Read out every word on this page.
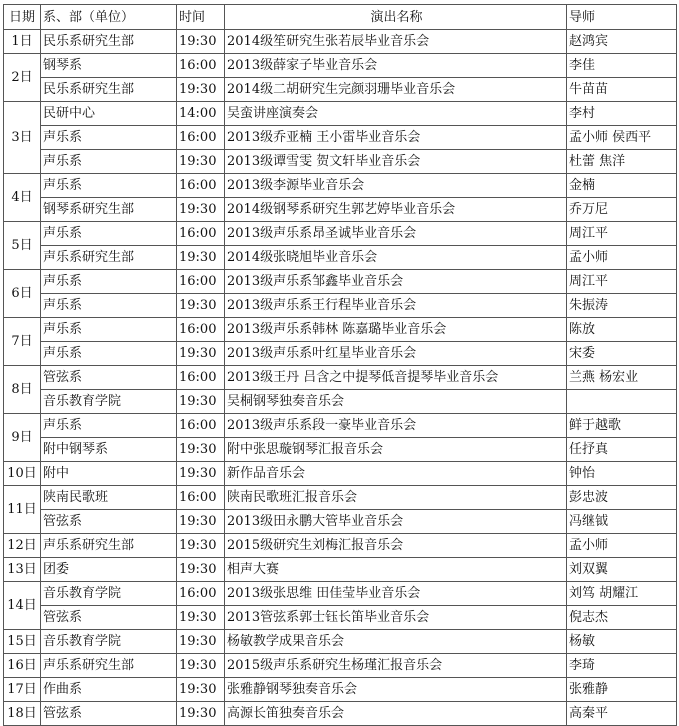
日期	系、部（单位）	时间	演出名称	导师
1日	民乐系研究生部	19:30	2014级笙研究生张若辰毕业音乐会	赵鸿宾
2日	钢琴系	16:00	2013级薛家子毕业音乐会	李佳
	民乐系研究生部	19:30	2014级二胡研究生完颜羽珊毕业音乐会	牛苗苗
3日	民研中心	14:00	吴蛮讲座演奏会	李村
	声乐系	16:00	2013级乔亚楠 王小雷毕业音乐会	孟小师 侯西平
	声乐系	19:30	2013级谭雪雯 贺文轩毕业音乐会	杜蕾 焦洋
4日	声乐系	16:00	2013级李源毕业音乐会	金楠
	钢琴系研究生部	19:30	2014级钢琴系研究生郭艺婷毕业音乐会	乔万尼
5日	声乐系	16:00	2013级声乐系昂圣诚毕业音乐会	周江平
	声乐系研究生部	19:30	2014级张晓旭毕业音乐会	孟小师
6日	声乐系	16:00	2013级声乐系邹鑫毕业音乐会	周江平
	声乐系	19:30	2013级声乐系王行程毕业音乐会	朱振涛
7日	声乐系	16:00	2013级声乐系韩林 陈嘉璐毕业音乐会	陈放
	声乐系	19:30	2013级声乐系叶红星毕业音乐会	宋委
8日	管弦系	16:00	2013级王丹 吕含之中提琴低音提琴毕业音乐会	兰燕 杨宏业
	音乐教育学院	19:30	吴桐钢琴独奏音乐会	
9日	声乐系	16:00	2013级声乐系段一豪毕业音乐会	鲜于越歌
	附中钢琴系	19:30	附中张思璇钢琴汇报音乐会	任抒真
10日	附中	19:30	新作品音乐会	钟怡
11日	陕南民歌班	16:00	陕南民歌班汇报音乐会	彭忠波
	管弦系	19:30	2013级田永鹏大管毕业音乐会	冯继钺
12日	声乐系研究生部	19:30	2015级研究生刘梅汇报音乐会	孟小师
13日	团委	19:30	相声大赛	刘双翼
14日	音乐教育学院	16:00	2013级张思维 田佳莹毕业音乐会	刘笃 胡耀江
	管弦系	19:30	2013管弦系郭士钰长笛毕业音乐会	倪志杰
15日	音乐教育学院	19:30	杨敏教学成果音乐会	杨敏
16日	声乐系研究生部	19:30	2015级声乐系研究生杨瑾汇报音乐会	李琦
17日	作曲系	19:30	张雅静钢琴独奏音乐会	张雅静
18日	管弦系	19:30	高源长笛独奏音乐会	高秦平
